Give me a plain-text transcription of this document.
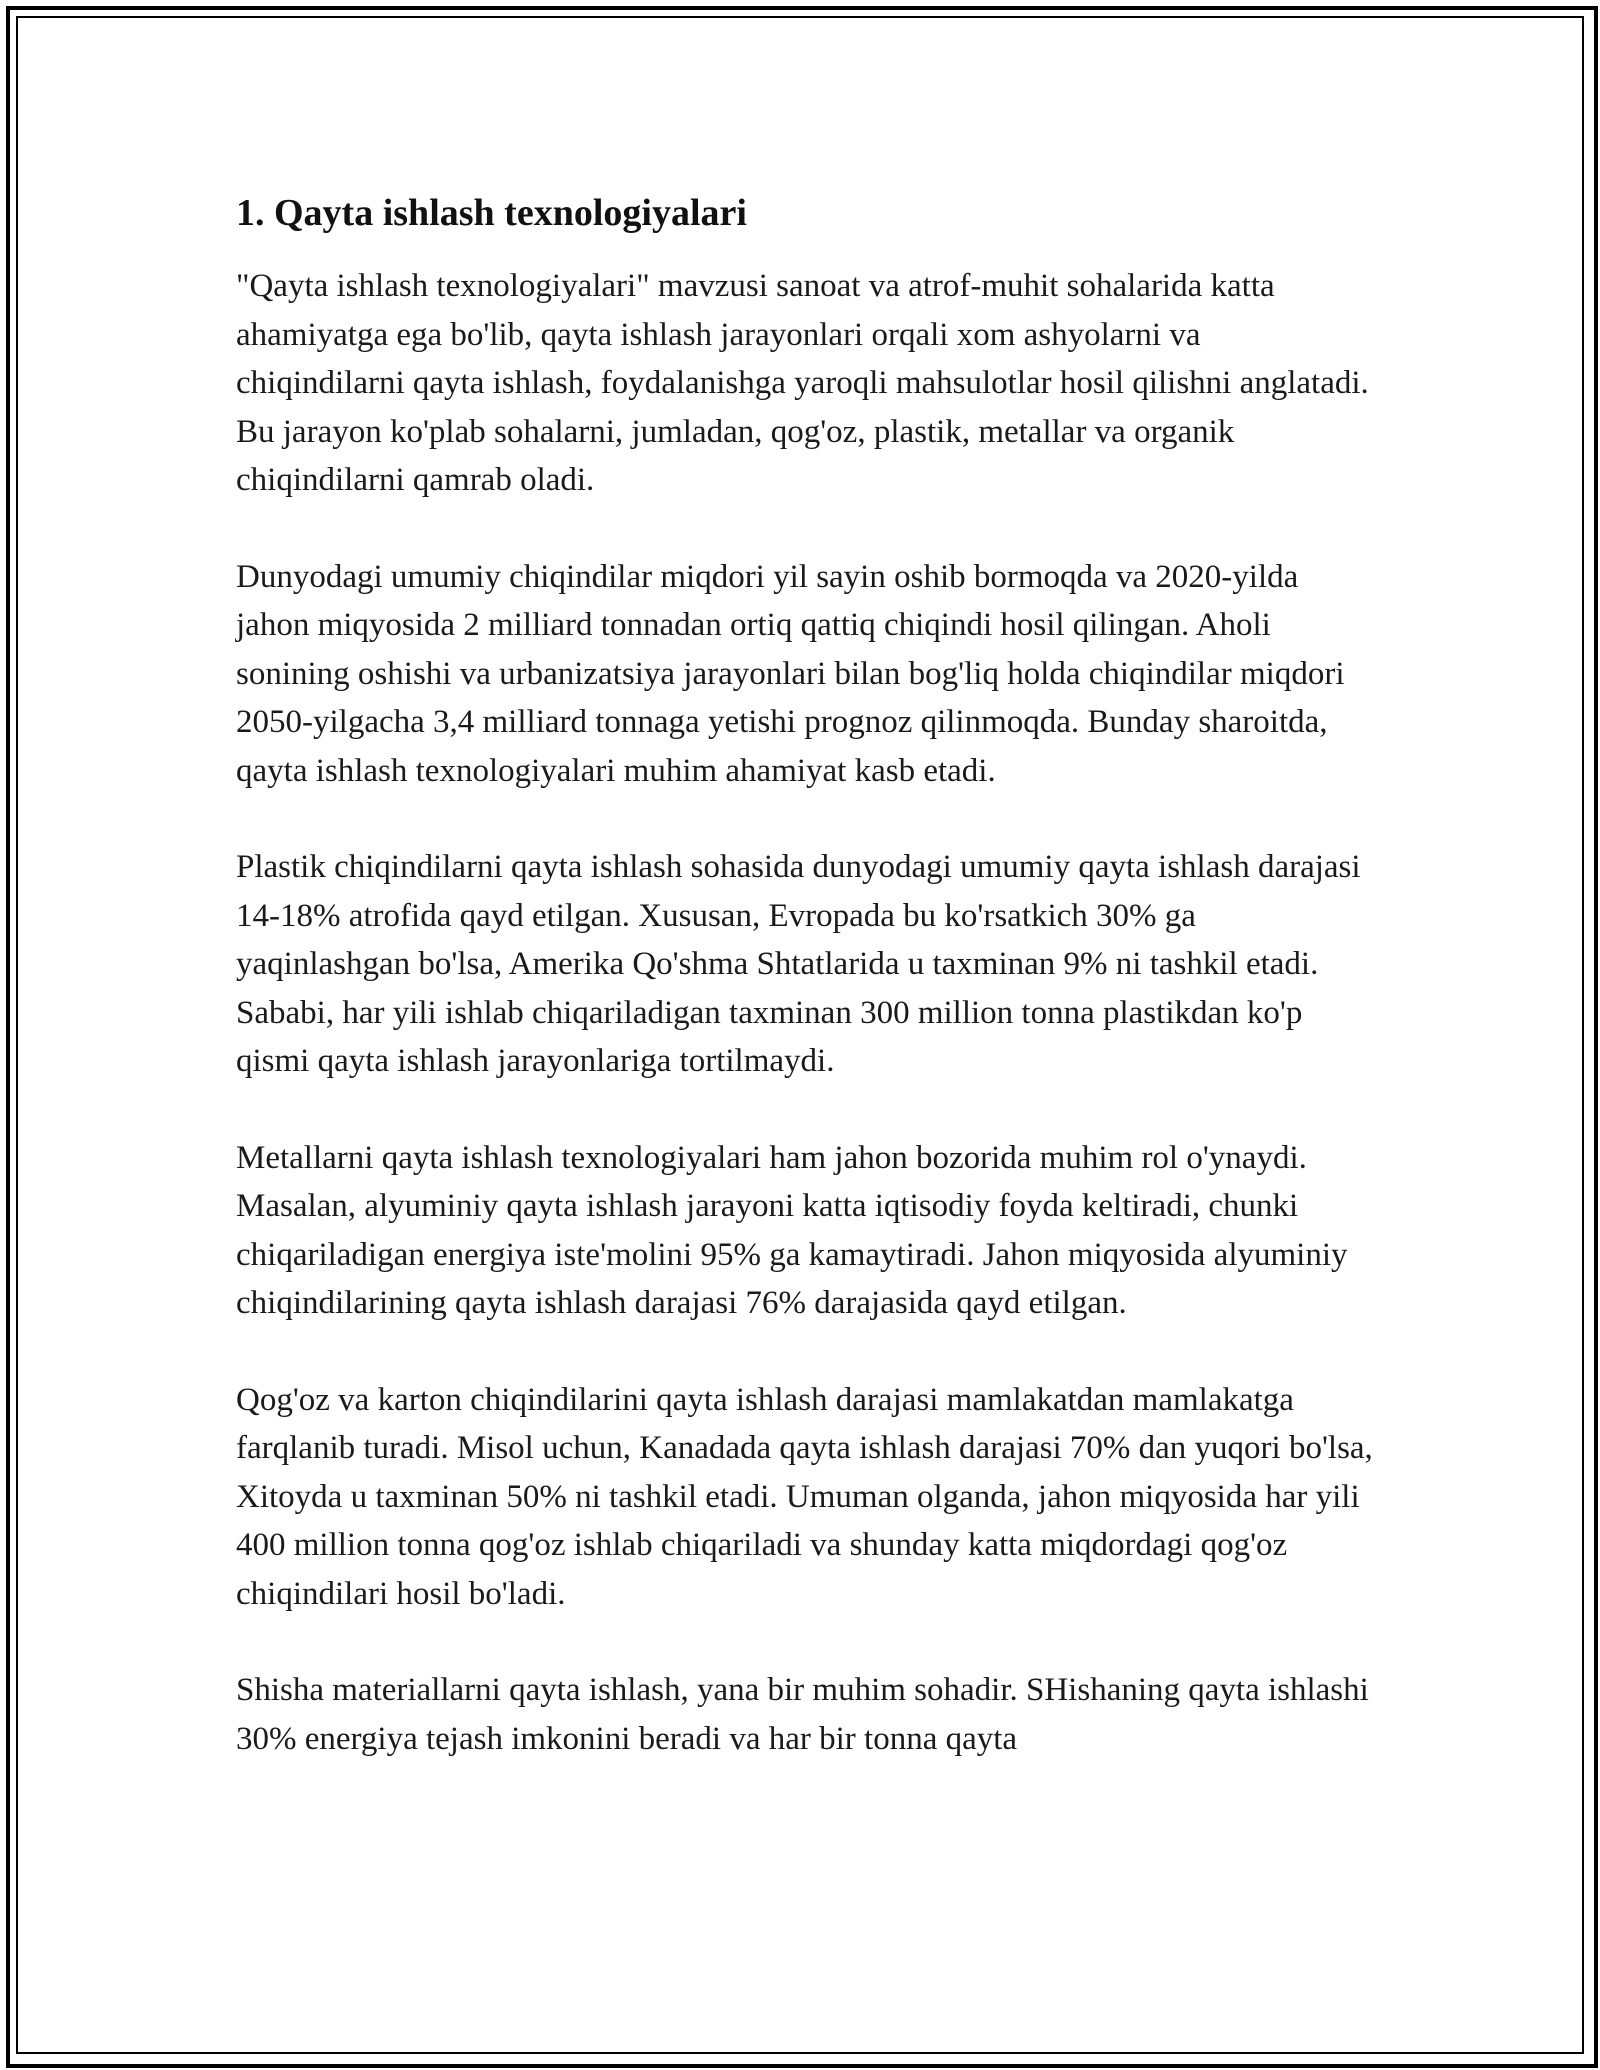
1. Qayta ishlash texnologiyalari

"Qayta ishlash texnologiyalari" mavzusi sanoat va atrof-muhit sohalarida katta ahamiyatga ega bo'lib, qayta ishlash jarayonlari orqali xom ashyolarni va chiqindilarni qayta ishlash, foydalanishga yaroqli mahsulotlar hosil qilishni anglatadi. Bu jarayon ko'plab sohalarni, jumladan, qog'oz, plastik, metallar va organik chiqindilarni qamrab oladi.

Dunyodagi umumiy chiqindilar miqdori yil sayin oshib bormoqda va 2020-yilda jahon miqyosida 2 milliard tonnadan ortiq qattiq chiqindi hosil qilingan. Aholi sonining oshishi va urbanizatsiya jarayonlari bilan bog'liq holda chiqindilar miqdori 2050-yilgacha 3,4 milliard tonnaga yetishi prognoz qilinmoqda. Bunday sharoitda, qayta ishlash texnologiyalari muhim ahamiyat kasb etadi.

Plastik chiqindilarni qayta ishlash sohasida dunyodagi umumiy qayta ishlash darajasi 14-18% atrofida qayd etilgan. Xususan, Evropada bu ko'rsatkich 30% ga yaqinlashgan bo'lsa, Amerika Qo'shma Shtatlarida u taxminan 9% ni tashkil etadi. Sababi, har yili ishlab chiqariladigan taxminan 300 million tonna plastikdan ko'p qismi qayta ishlash jarayonlariga tortilmaydi.

Metallarni qayta ishlash texnologiyalari ham jahon bozorida muhim rol o'ynaydi. Masalan, alyuminiy qayta ishlash jarayoni katta iqtisodiy foyda keltiradi, chunki chiqariladigan energiya iste'molini 95% ga kamaytiradi. Jahon miqyosida alyuminiy chiqindilarining qayta ishlash darajasi 76% darajasida qayd etilgan.

Qog'oz va karton chiqindilarini qayta ishlash darajasi mamlakatdan mamlakatga farqlanib turadi. Misol uchun, Kanadada qayta ishlash darajasi 70% dan yuqori bo'lsa, Xitoyda u taxminan 50% ni tashkil etadi. Umuman olganda, jahon miqyosida har yili 400 million tonna qog'oz ishlab chiqariladi va shunday katta miqdordagi qog'oz chiqindilari hosil bo'ladi.

Shisha materiallarni qayta ishlash, yana bir muhim sohadir. SHishaning qayta ishlashi 30% energiya tejash imkonini beradi va har bir tonna qayta
